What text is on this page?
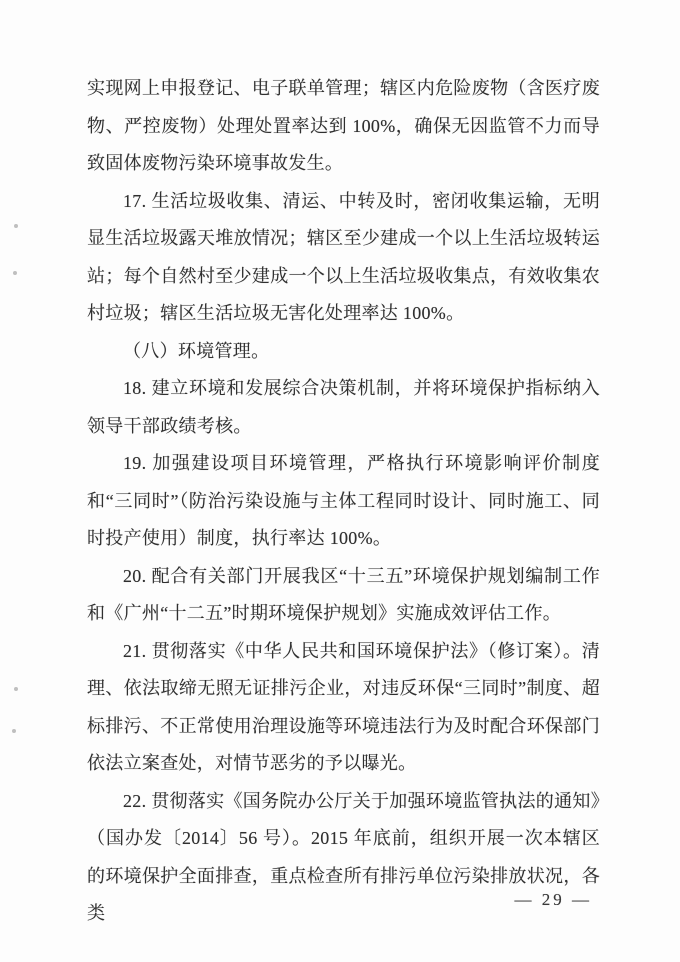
实现网上申报登记、电子联单管理；辖区内危险废物（含医疗废物、严控废物）处理处置率达到 100%，确保无因监管不力而导致固体废物污染环境事故发生。

17. 生活垃圾收集、清运、中转及时，密闭收集运输，无明显生活垃圾露天堆放情况；辖区至少建成一个以上生活垃圾转运站；每个自然村至少建成一个以上生活垃圾收集点，有效收集农村垃圾；辖区生活垃圾无害化处理率达 100%。

（八）环境管理。

18. 建立环境和发展综合决策机制，并将环境保护指标纳入领导干部政绩考核。

19. 加强建设项目环境管理，严格执行环境影响评价制度和“三同时”（防治污染设施与主体工程同时设计、同时施工、同时投产使用）制度，执行率达 100%。

20. 配合有关部门开展我区“十三五”环境保护规划编制工作和《广州“十二五”时期环境保护规划》实施成效评估工作。

21. 贯彻落实《中华人民共和国环境保护法》（修订案）。清理、依法取缔无照无证排污企业，对违反环保“三同时”制度、超标排污、不正常使用治理设施等环境违法行为及时配合环保部门依法立案查处，对情节恶劣的予以曝光。

22. 贯彻落实《国务院办公厅关于加强环境监管执法的通知》（国办发〔2014〕56 号）。2015 年底前，组织开展一次本辖区的环境保护全面排查，重点检查所有排污单位污染排放状况，各类

— 29 —
